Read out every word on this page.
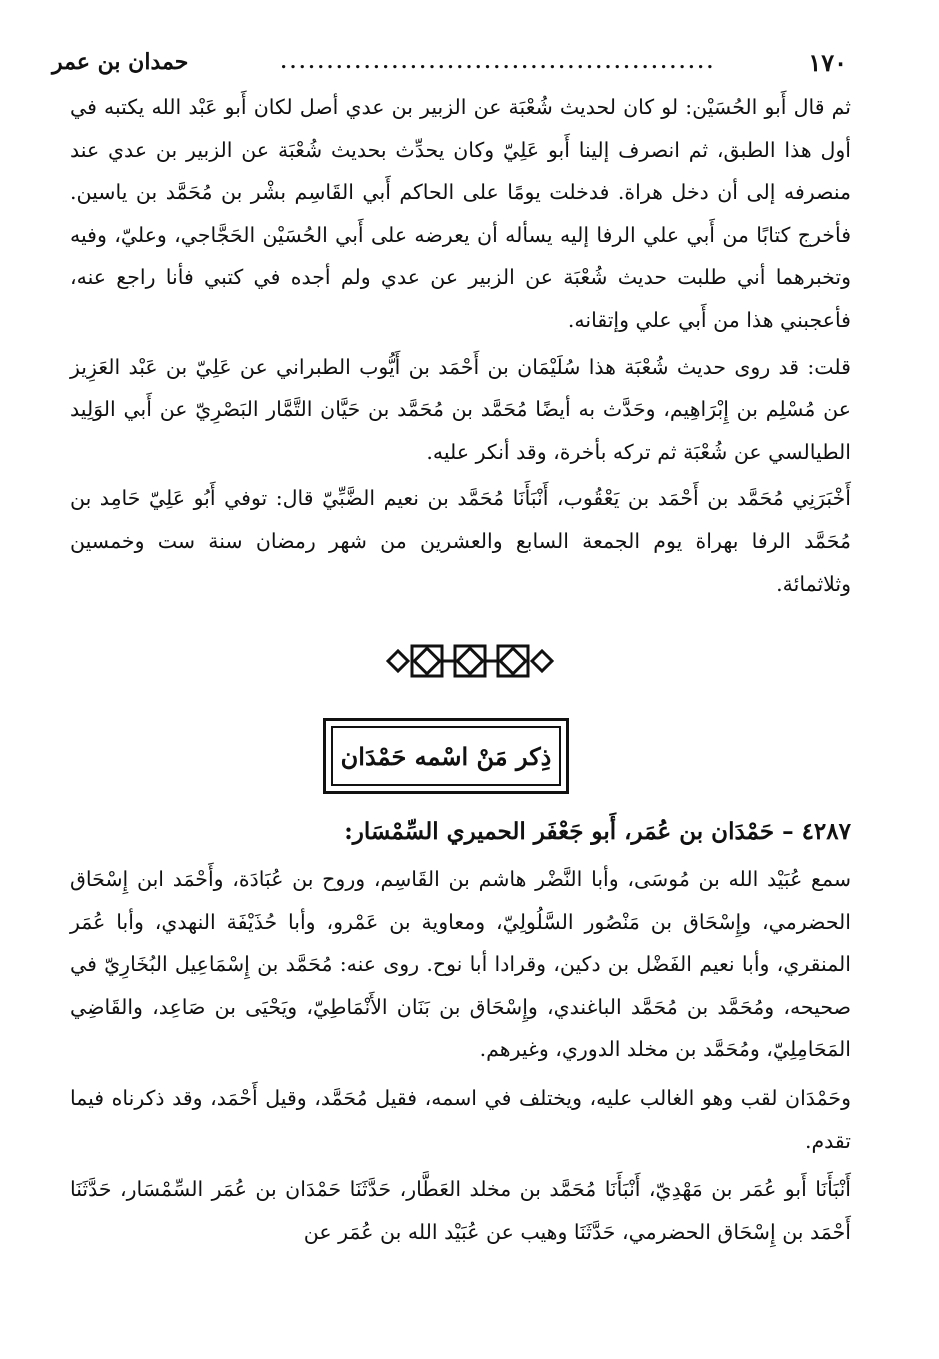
١٧٠
...............................................
حمدان بن عمر

ثم قال أَبو الحُسَيْن: لو كان لحديث شُعْبَة عن الزبير بن عدي أصل لكان أَبو عَبْد الله يكتبه في أول هذا الطبق، ثم انصرف إلينا أَبو عَلِيّ وكان يحدِّث بحديث شُعْبَة عن الزبير بن عدي عند منصرفه إلى أن دخل هراة. فدخلت يومًا على الحاكم أَبي القَاسِم بشْر بن مُحَمَّد بن ياسين. فأخرج كتابًا من أَبي علي الرفا إليه يسأله أن يعرضه على أَبي الحُسَيْن الحَجَّاجي، وعليّ، وفيه وتخبرهما أني طلبت حديث شُعْبَة عن الزبير عن عدي ولم أجده في كتبي فأنا راجع عنه، فأعجبني هذا من أَبي علي وإتقانه.

قلت: قد روى حديث شُعْبَة هذا سُلَيْمَان بن أَحْمَد بن أَيُّوب الطبراني عن عَلِيّ بن عَبْد العَزِيز عن مُسْلِم بن إِبْرَاهِيم، وحَدَّث به أيضًا مُحَمَّد بن مُحَمَّد بن حَيَّان التَّمَّار البَصْرِيّ عن أَبي الوَلِيد الطيالسي عن شُعْبَة ثم تركه بأخرة، وقد أنكر عليه.

أَخْبَرَنِي مُحَمَّد بن أَحْمَد بن يَعْقُوب، أَنْبَأَنَا مُحَمَّد بن نعيم الضَّبِّيّ قال: توفي أَبُو عَلِيّ حَامِد بن مُحَمَّد الرفا بهراة يوم الجمعة السابع والعشرين من شهر رمضان سنة ست وخمسين وثلاثمائة.

ذِكر مَنْ اسْمه حَمْدَان
٤٢٨٧ – حَمْدَان بن عُمَر، أَبو جَعْفَر الحميري السِّمْسَار:

سمع عُبَيْد الله بن مُوسَى، وأبا النَّضْر هاشم بن القَاسِم، وروح بن عُبَادَة، وأَحْمَد ابن إِسْحَاق الحضرمي، وإِسْحَاق بن مَنْصُور السَّلُولِيّ، ومعاوية بن عَمْرو، وأبا حُذَيْفَة النهدي، وأبا عُمَر المنقري، وأبا نعيم الفَضْل بن دكين، وقرادا أبا نوح. روى عنه: مُحَمَّد بن إِسْمَاعِيل البُخَارِيّ في صحيحه، ومُحَمَّد بن مُحَمَّد الباغندي، وإِسْحَاق بن بَنَان الأَنْمَاطِيّ، ويَحْيَى بن صَاعِد، والقَاضِي المَحَامِلِيّ، ومُحَمَّد بن مخلد الدوري، وغيرهم.

وحَمْدَان لقب وهو الغالب عليه، ويختلف في اسمه، فقيل مُحَمَّد، وقيل أَحْمَد، وقد ذكرناه فيما تقدم.

أَنْبَأَنَا أَبو عُمَر بن مَهْدِيّ، أَنْبَأَنَا مُحَمَّد بن مخلد العَطَّار، حَدَّثَنَا حَمْدَان بن عُمَر السِّمْسَار، حَدَّثَنَا أَحْمَد بن إِسْحَاق الحضرمي، حَدَّثَنَا وهيب عن عُبَيْد الله بن عُمَر عن
